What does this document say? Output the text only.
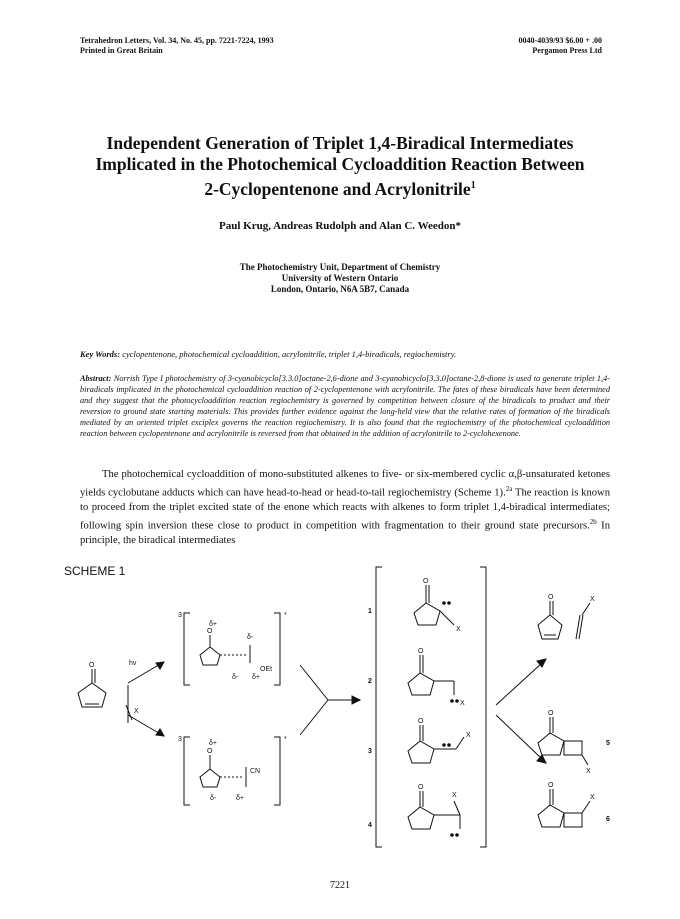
Tetrahedron Letters, Vol. 34, No. 45, pp. 7221-7224, 1993
Printed in Great Britain
0040-4039/93 $6.00 + .00
Pergamon Press Ltd
Independent Generation of Triplet 1,4-Biradical Intermediates
Implicated in the Photochemical Cycloaddition Reaction Between
2-Cyclopentenone and Acrylonitrile$^1$
Paul Krug, Andreas Rudolph and Alan C. Weedon*
The Photochemistry Unit, Department of Chemistry
University of Western Ontario
London, Ontario, N6A 5B7, Canada
Key Words: cyclopentenone, photochemical cycloaddition, acrylonitrile, triplet 1,4-biradicals, regiochemistry.

Abstract: Norrish Type I photochemistry of 3-cyanobicyclo[3.3.0]octane-2,6-dione and 3-cyanobicyclo[3.3.0]octane-2,8-dione is used to generate triplet 1,4-biradicals implicated in the photochemical cycloaddition reaction of 2-cyclopentenone with acrylonitrile. The fates of these biradicals have been determined and they suggest that the photocycloaddition reaction regiochemistry is governed by competition between closure of the biradicals to product and their reversion to ground state starting materials. This provides further evidence against the long-held view that the relative rates of formation of the biradicals mediated by an oriented triplet exciplex governs the reaction regiochemistry. It is also found that the regiochemistry of the photochemical cycloaddition reaction between cyclopentenone and acrylonitrile is reversed from that obtained in the addition of acrylonitrile to 2-cyclohexenone.

The photochemical cycloaddition of mono-substituted alkenes to five- or six-membered cyclic α,β-unsaturated ketones yields cyclobutane adducts which can have head-to-head or head-to-tail regiochemistry (Scheme 1).$^{2a}$ The reaction is known to proceed from the triplet excited state of the enone which reacts with alkenes to form triplet 1,4-biradical intermediates; following spin inversion these close to product in competition with fragmentation to their ground state precursors.$^{2b}$ In principle, the biradical intermediates

SCHEME 1
O	hv
X
3	*
δ+
O
δ-
δ- δ+
OEt
3	*
δ+
O
CN
δ-	δ+
1
O
X
2
O
X
3
O
X
4
O
X
O	X
O
X
5
O
X
6
7221
